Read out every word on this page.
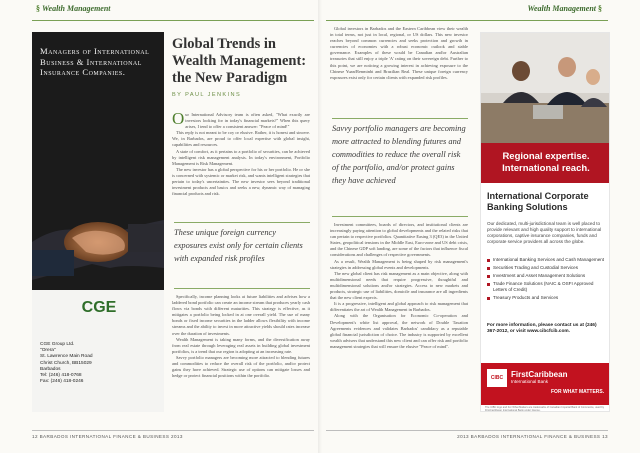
§ Wealth Management	Wealth Management §
Managers of International Business & International Insurance Companies.
CGE
CGE Group Ltd.
"Orera"
St. Lawrence Main Road
Christ Church, BB15029
Barbados
Tel: (246) 418-0768
Fax: (246) 418-0246
Global Trends in Wealth Management: the New Paradigm
BY PAUL JENKINS

Our International Advisory team is often asked, "What exactly are investors looking for in today's financial markets?" When this query arises, I tend to offer a consistent answer: "Peace of mind!"

This reply is not meant to be coy or elusive. Rather, it is honest and sincere. We, in Barbados, are proud to offer local expertise with global insight, capabilities and resources.

A state of comfort, as it pertains to a portfolio of securities, can be achieved by intelligent risk management analysis. In today's environment, Portfolio Management is Risk Management.

The new investor has a global perspective for his or her portfolio. He or she is concerned with systemic or market risk, and wants intelligent strategies that pertain to today's uncertainties. The new investor sees beyond traditional investment products and basics and seeks a new, dynamic way of managing financial products and risk.

These unique foreign currency exposures exist only for certain clients with expanded risk profiles

Specifically, income planning looks at future liabilities and advises how a laddered bond portfolio can create an income stream that produces yearly cash flows via bonds with different maturities. This strategy is effective, as it mitigates a portfolio being locked in at one overall yield. The use of many bonds or fixed income securities in the ladder allows flexibility with income streams and the ability to invest in more attractive yields should rates increase over the duration of investments.

Wealth Management is taking many forms, and the diversification away from real estate through leveraging real assets in building global investment portfolios, is a trend that our region is adopting at an increasing rate.

Savvy portfolio managers are becoming more attracted to blending futures and commodities to reduce the overall risk of the portfolio, and/or protect gains they have achieved. Strategic use of options can mitigate losses and hedge or protect financial positions within the portfolio.

Global investors in Barbados and the Eastern Caribbean view their wealth in total terms, not just in local, regional, or US dollars. This new investor reaches beyond common currencies and seeks protection and growth in currencies of economies with a robust economic outlook and stable governance. Examples of these would be Canadian and/or Australian treasuries that still enjoy a triple 'A' rating on their sovereign debt. Further to this point, we are noticing a growing interest in achieving exposure to the Chinese Yuan/Renminbi and Brazilian Real. These unique foreign currency exposures exist only for certain clients with expanded risk profiles.

Savvy portfolio managers are becoming more attracted to blending futures and commodities to reduce the overall risk of the portfolio, and/or protect gains they have achieved

Investment committees, boards of directors, and institutional clients are increasingly paying attention to global developments and the related risks that can pertain to respective portfolios. Quantitative Easing 3 (QE3) in the United States, geopolitical tensions in the Middle East, Euro-zone and US debt crisis, and the Chinese GDP soft landing, are some of the factors that influence fiscal considerations and challenges of respective governments.

As a result, Wealth Management is being shaped by risk management's strategies in addressing global events and developments.

The new global client has risk management as a main objective, along with multidimensional needs that require progressive, thoughtful and multidimensional solutions and/or strategies. Access to new markets and products, strategic use of liabilities, domicile and insurance are all ingredients that the new client expects.

It is a progressive, intelligent and global approach to risk management that differentiates the art of Wealth Management in Barbados.

Along with the Organisation for Economic Co-operation and Development's white list approval, the network of Double Taxation Agreements evidences and validates Barbados' candidacy as a reputable global financial jurisdiction of choice. The industry is supported by excellent wealth advisers that understand this new client and can offer risk and portfolio management strategies that will ensure the elusive "Peace of mind".

Regional expertise. International reach.
International Corporate Banking Solutions
Our dedicated, multi-jurisdictional team is well placed to provide relevant and high quality support to international corporations, captive insurance companies, funds and corporate service providers all across the globe.
International Banking Services and Cash Management
Securities Trading and Custodial Services
Investment and Asset Management Solutions
Trade Finance Solutions (NAIC & OSFI Approved Letters of Credit)
Treasury Products and Services
For more information, please contact us at (246) 367-2012, or visit www.cibcfcib.com.
CIBC FirstCaribbean
International Bank
FOR WHAT MATTERS.
The CIBC logo and For What Matters are trademarks of Canadian Imperial Bank of Commerce, used by FirstCaribbean International Bank under license.
12 BARBADOS INTERNATIONAL FINANCE & BUSINESS 2013	2013 BARBADOS INTERNATIONAL FINANCE & BUSINESS 13
